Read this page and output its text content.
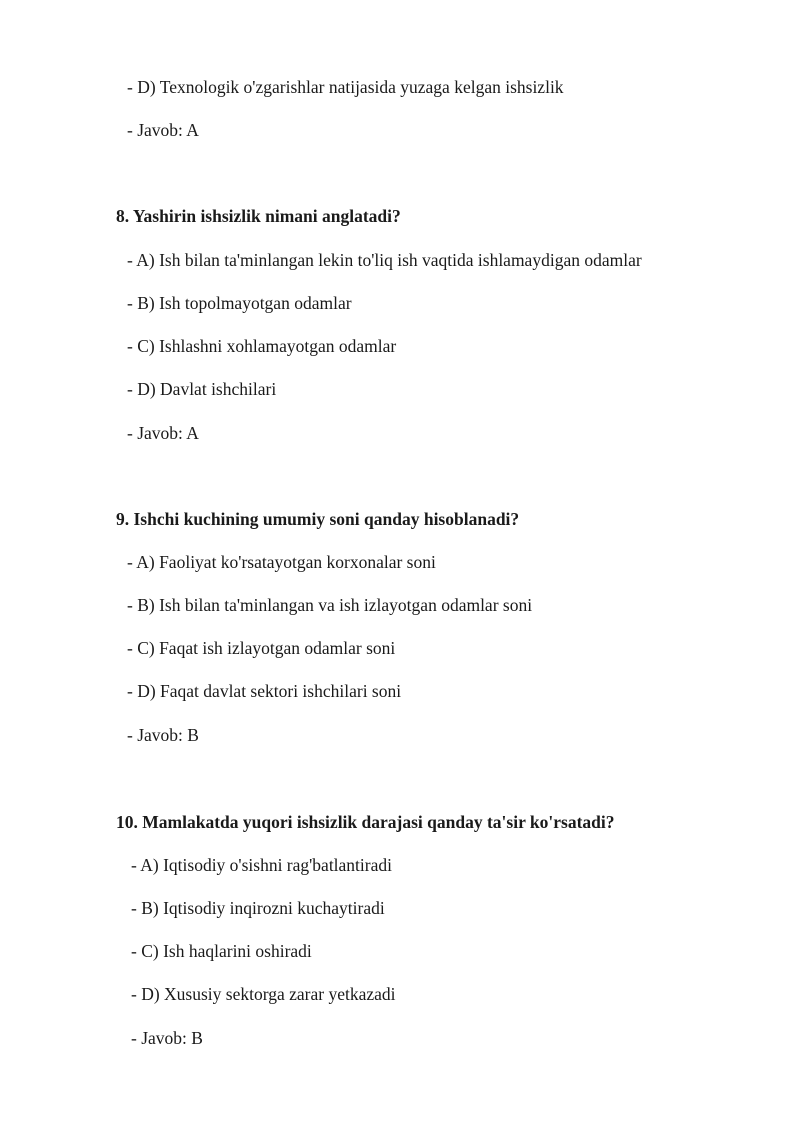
- D) Texnologik o'zgarishlar natijasida yuzaga kelgan ishsizlik
- Javob: A
8. Yashirin ishsizlik nimani anglatadi?
- A) Ish bilan ta'minlangan lekin to'liq ish vaqtida ishlamaydigan odamlar
- B) Ish topolmayotgan odamlar
- C) Ishlashni xohlamayotgan odamlar
- D) Davlat ishchilari
- Javob: A
9. Ishchi kuchining umumiy soni qanday hisoblanadi?
- A) Faoliyat ko'rsatayotgan korxonalar soni
- B) Ish bilan ta'minlangan va ish izlayotgan odamlar soni
- C) Faqat ish izlayotgan odamlar soni
- D) Faqat davlat sektori ishchilari soni
- Javob: B
10. Mamlakatda yuqori ishsizlik darajasi qanday ta'sir ko'rsatadi?
- A) Iqtisodiy o'sishni rag'batlantiradi
- B) Iqtisodiy inqirozni kuchaytiradi
- C) Ish haqlarini oshiradi
- D) Xususiy sektorga zarar yetkazadi
- Javob: B
